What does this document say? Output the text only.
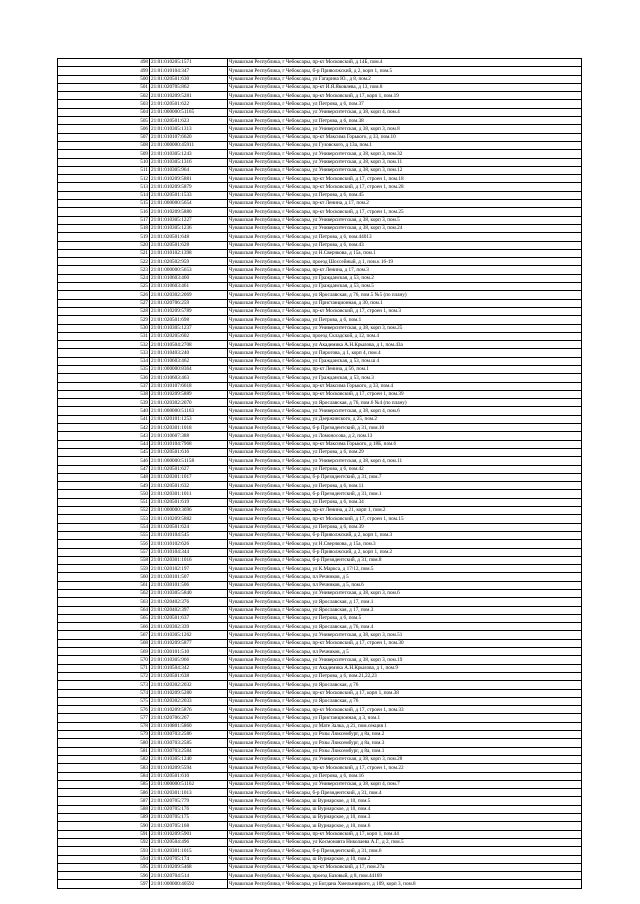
498	21:01:010205:1571	Чувашская Республика, г Чебоксары, пр-кт Московский, д 14Б, пом.4
499	21:01:010104:347	Чувашская Республика, г Чебоксары, б-р Приволжский, д 2, корп 1, пом.5
500	21:01:020501:630	Чувашская Республика, г Чебоксары, ул Гагарина Ю., д 8, пом.2
501	21:01:020705:862	Чувашская Республика, г Чебоксары, пр-кт И.Я.Яковлева, д 13, пом.8
502	21:01:010209:5281	Чувашская Республика, г Чебоксары, пр-кт Московский, д 17, корп 1, пом.19
503	21:01:020501:622	Чувашская Республика, г Чебоксары, ул Петрова, д 6, пом.37
504	21:01:000000:51165	Чувашская Республика, г Чебоксары, ул Университетская, д 38, корп 4, пом.4
505	21:01:020501:623	Чувашская Республика, г Чебоксары, ул Петрова, д 6, пом.38
506	21:01:010305:1313	Чувашская Республика, г Чебоксары, ул Университетская, д 38, корп 3, пом.8
507	21:01:010107:6620	Чувашская Республика, г Чебоксары, пр-кт Максима Горького, д 33, пом.10
508	21:01:000000:45911	Чувашская Республика, г Чебоксары, ул Гузовского, д 13а, пом.1
509	21:01:010305:1243	Чувашская Республика, г Чебоксары, ул Университетская, д 38, корп 3, пом.32
510	21:01:010305:1316	Чувашская Республика, г Чебоксары, ул Университетская, д 38, корп 3, пом.11
511	21:01:010305:964	Чувашская Республика, г Чебоксары, ул Университетская, д 38, корп 3, пом.12
512	21:01:010209:5881	Чувашская Республика, г Чебоксары, пр-кт Московский, д 17, строен 1, пом.18
513	21:01:010209:5879	Чувашская Республика, г Чебоксары, пр-кт Московский, д 17, строен 1, пом.28
514	21:01:020501:1533	Чувашская Республика, г Чебоксары, ул Петрова, д 6, пом.45
515	21:01:000000:5654	Чувашская Республика, г Чебоксары, пр-кт Ленина, д 17, пом.2
516	21:01:010209:5880	Чувашская Республика, г Чебоксары, пр-кт Московский, д 17, строен 1, пом.25
517	21:01:010305:1227	Чувашская Республика, г Чебоксары, ул Университетская, д 38, корп 3, пом.5
518	21:01:010305:1236	Чувашская Республика, г Чебоксары, ул Университетская, д 38, корп 3, пом.24
519	21:01:020501:648	Чувашская Республика, г Чебоксары, ул Петрова, д 6, пом.44013
520	21:01:020501:628	Чувашская Республика, г Чебоксары, ул Петрова, д 6, пом.43
521	21:01:010102:1398	Чувашская Республика, г Чебоксары, ул Н.Сверчкова, д 15а, пом.1
522	21:01:020502:959	Чувашская Республика, г Чебоксары, проезд Шоссейный, д 1, пом.к 16-19
523	21:01:000000:5653	Чувашская Республика, г Чебоксары, пр-кт Ленина, д 17, пом.3
524	21:01:010603:460	Чувашская Республика, г Чебоксары, ул Гражданская, д 53, пом.2
525	21:01:010603:461	Чувашская Республика, г Чебоксары, ул Гражданская, д 53, пом.5
526	21:01:020302:2069	Чувашская Республика, г Чебоксары, ул Ярославская, д 76, пом.5 №5 (по плану)
527	21:01:020706:259	Чувашская Республика, г Чебоксары, ул Пристанционная, д 30, пом.1
528	21:01:010209:5789	Чувашская Республика, г Чебоксары, пр-кт Московский, д 17, строен 1, пом.3
529	21:01:020501:698	Чувашская Республика, г Чебоксары, ул Петрова, д 6, пом.1
530	21:01:010305:1237	Чувашская Республика, г Чебоксары, ул Университетская, д 38, корп 3, пом.25
531	21:01:020205:602	Чувашская Республика, г Чебоксары, проезд Складской, д 12, пом.4
532	21:01:010504:2708	Чувашская Республика, г Чебоксары, ул Академика А.Н.Крылова, д 1, пом.43а
533	21:01:010403:240	Чувашская Республика, г Чебоксары, ул Пирогова, д 1, корп 4, пом.4
534	21:01:010603:462	Чувашская Республика, г Чебоксары, ул Гражданская, д 53, пом.ш 4
535	21:01:000000:8364	Чувашская Республика, г Чебоксары, пр-кт Ленина, д 56, пом.1
536	21:01:010603:463	Чувашская Республика, г Чебоксары, ул Гражданская, д 53, пом.3
537	21:01:010107:6618	Чувашская Республика, г Чебоксары, пр-кт Максима Горького, д 33, пом.4
538	21:01:010209:5889	Чувашская Республика, г Чебоксары, пр-кт Московский, д 17, строен 1, пом.39
539	21:01:020302:2070	Чувашская Республика, г Чебоксары, ул Ярославская, д 76, пом.6 №4 (по плану)
540	21:01:000000:51163	Чувашская Республика, г Чебоксары, ул Университетская, д 38, корп 4, пом.6
541	21:01:020101:1253	Чувашская Республика, г Чебоксары, ул Дзержинского, д 25, пом.2
542	21:01:020301:1018	Чувашская Республика, г Чебоксары, б-р Президентский, д 31, пом.10
543	21:01:010607:388	Чувашская Республика, г Чебоксары, ул Ломоносова, д 2, пом.13
544	21:01:010104:7968	Чувашская Республика, г Чебоксары, пр-кт Максима Горького, д 18Б, пом.6
545	21:01:020501:616	Чувашская Республика, г Чебоксары, ул Петрова, д 6, пом.29
546	21:01:000000:51158	Чувашская Республика, г Чебоксары, ул Университетская, д 38, корп 4, пом.11
547	21:01:020501:627	Чувашская Республика, г Чебоксары, ул Петрова, д 6, пом.42
548	21:01:020301:1017	Чувашская Республика, г Чебоксары, б-р Президентский, д 31, пом.7
549	21:01:020501:632	Чувашская Республика, г Чебоксары, ул Петрова, д 6, пом.11
550	21:01:020301:1011	Чувашская Республика, г Чебоксары, б-р Президентский, д 31, пом.1
551	21:01:020501:619	Чувашская Республика, г Чебоксары, ул Петрова, д 6, пом.34
552	21:01:000000:3696	Чувашская Республика, г Чебоксары, пр-кт Ленина, д 21, корп 1, пом.2
553	21:01:010209:5882	Чувашская Республика, г Чебоксары, пр-кт Московский, д 17, строен 1, пом.15
554	21:01:020501:624	Чувашская Республика, г Чебоксары, ул Петрова, д 6, пом.39
555	21:01:010104:545	Чувашская Республика, г Чебоксары, б-р Приволжский, д 2, корп 1, пом.3
556	21:01:010102:626	Чувашская Республика, г Чебоксары, ул Н.Сверчкова, д 15а, пом.3
557	21:01:010104:344	Чувашская Республика, г Чебоксары, б-р Приволжский, д 2, корп 1, пом.2
558	21:01:020301:1016	Чувашская Республика, г Чебоксары, б-р Президентский, д 31, пом.8
559	21:01:020102:197	Чувашская Республика, г Чебоксары, ул К.Маркса, д 17/12, пом.5
560	21:01:030101:507	Чувашская Республика, г Чебоксары, пл Речников, д 5
561	21:01:030101:506	Чувашская Республика, г Чебоксары, пл Речников, д 5, пом.6
562	21:01:010305:5840	Чувашская Республика, г Чебоксары, ул Университетская, д 38, корп 3, пом.6
563	21:01:020402:376	Чувашская Республика, г Чебоксары, ул Ярославская, д 17, пом.1
564	21:01:020402:397	Чувашская Республика, г Чебоксары, ул Ярославская, д 17, пом.3
565	21:01:020501:637	Чувашская Республика, г Чебоксары, ул Петрова, д 6, пом.5
566	21:01:020302:339	Чувашская Республика, г Чебоксары, ул Ярославская, д 76, пом.4
567	21:01:010305:1262	Чувашская Республика, г Чебоксары, ул Университетская, д 38, корп 3, пом.51
568	21:01:010209:5877	Чувашская Республика, г Чебоксары, пр-кт Московский, д 17, строен 1, пом.30
569	21:01:030101:510	Чувашская Республика, г Чебоксары, пл Речников, д 5
570	21:01:010305:966	Чувашская Республика, г Чебоксары, ул Университетская, д 38, корп 3, пом.19
571	21:01:010504:342	Чувашская Республика, г Чебоксары, ул Академика А.Н.Крылова, д 1, пом.9
572	21:01:020501:638	Чувашская Республика, г Чебоксары, ул Петрова, д 6, пом.21,22,23
573	21:01:020302:2032	Чувашская Республика, г Чебоксары, ул Ярославская, д 76
574	21:01:010209:5280	Чувашская Республика, г Чебоксары, пр-кт Московский, д 17, корп 1, пом.38
575	21:01:020302:2033	Чувашская Республика, г Чебоксары, ул Ярославская, д 76
576	21:01:010209:5876	Чувашская Республика, г Чебоксары, пр-кт Московский, д 17, строен 1, пом.33
577	21:01:020706:267	Чувашская Республика, г Чебоксары, ул Пристанционная, д 3, пом.1
578	21:01:010801:5860	Чувашская Республика, г Чебоксары, ул Мате Залка, д 21, пом.секция 1
579	21:01:030703:2586	Чувашская Республика, г Чебоксары, ул Розы Люксембург, д 8а, пом.2
580	21:01:030703:2585	Чувашская Республика, г Чебоксары, ул Розы Люксембург, д 8а, пом.3
581	21:01:030703:2584	Чувашская Республика, г Чебоксары, ул Розы Люксембург, д 8а, пом.1
582	21:01:010305:1240	Чувашская Республика, г Чебоксары, ул Университетская, д 38, корп 3, пом.28
583	21:01:010209:5594	Чувашская Республика, г Чебоксары, пр-кт Московский, д 17, строен 1, пом.22
584	21:01:020501:610	Чувашская Республика, г Чебоксары, ул Петрова, д 6, пом.16
585	21:01:000000:51162	Чувашская Республика, г Чебоксары, ул Университетская, д 38, корп 4, пом.7
586	21:01:020301:1013	Чувашская Республика, г Чебоксары, б-р Президентский, д 31, пом.4
587	21:01:020705:779	Чувашская Республика, г Чебоксары, ш Вурнарское, д 10, пом.5
588	21:01:020705:176	Чувашская Республика, г Чебоксары, ш Вурнарское, д 10, пом.4
589	21:01:020705:175	Чувашская Республика, г Чебоксары, ш Вурнарское, д 10, пом.3
590	21:01:020705:168	Чувашская Республика, г Чебоксары, ш Вурнарское, д 10, пом.6
591	21:01:010209:5901	Чувашская Республика, г Чебоксары, пр-кт Московский, д 17, корп 1, пом.44
592	21:01:020504:496	Чувашская Республика, г Чебоксары, ул Космонавта Николаева А.Г., д 2, пом.5
593	21:01:020301:1015	Чувашская Республика, г Чебоксары, б-р Президентский, д 31, пом.6
594	21:01:020705:174	Чувашская Республика, г Чебоксары, ш Вурнарское, д 10, пом.2
595	21:01:010209:5468	Чувашская Республика, г Чебоксары, пр-кт Московский, д 17, пом.27а
596	21:01:020704:514	Чувашская Республика, г Чебоксары, проезд Базовый, д 8, пом.44169
597	21:01:000000:40592	Чувашская Республика, г Чебоксары, ул Богдана Хмельницкого, д 109, корп 3, пом.8
